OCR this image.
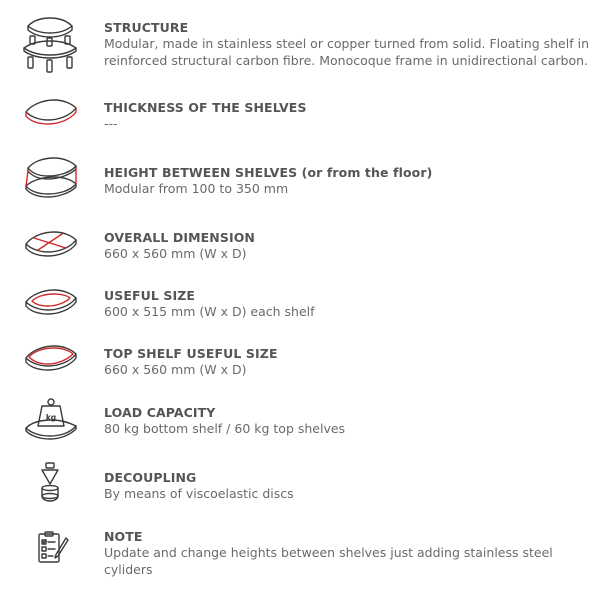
STRUCTURE
Modular, made in stainless steel or copper turned from solid. Floating shelf in reinforced structural carbon fibre. Monocoque frame in unidirectional carbon.
THICKNESS OF THE SHELVES
---
HEIGHT BETWEEN SHELVES (or from the floor)
Modular from 100 to 350 mm
OVERALL DIMENSION
660 x 560 mm (W x D)
USEFUL SIZE
600 x 515 mm (W x D) each shelf
TOP SHELF USEFUL SIZE
660 x 560 mm (W x D)
kg	LOAD CAPACITY
80 kg bottom shelf / 60 kg top shelves
DECOUPLING
By means of viscoelastic discs
NOTE
Update and change heights between shelves just adding stainless steel cyliders
